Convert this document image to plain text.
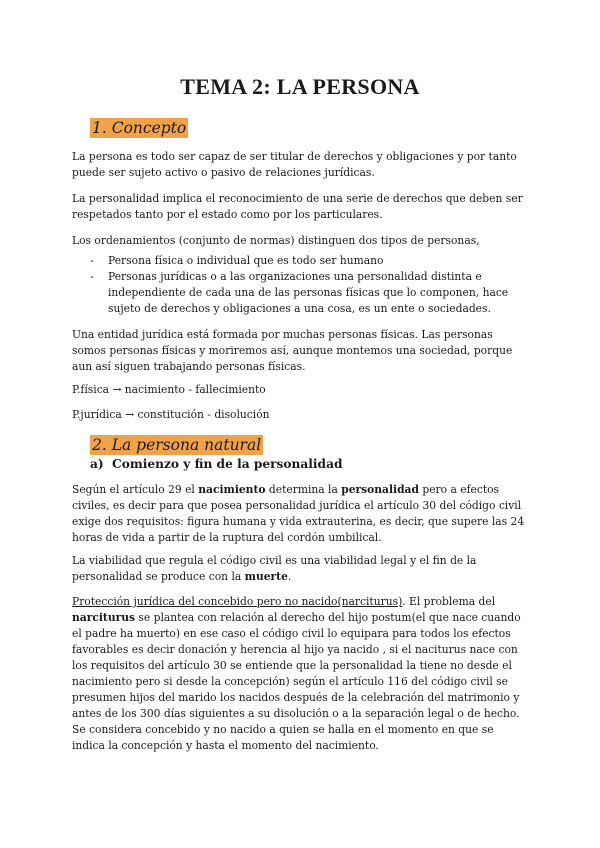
TEMA 2: LA PERSONA
1. Concepto

La persona es todo ser capaz de ser titular de derechos y obligaciones y por tanto puede ser sujeto activo o pasivo de relaciones jurídicas.

La personalidad implica el reconocimiento de una serie de derechos que deben ser respetados tanto por el estado como por los particulares.

Los ordenamientos (conjunto de normas) distinguen dos tipos de personas,

- Persona física o individual que es todo ser humano
- Personas jurídicas o a las organizaciones una personalidad distinta e independiente de cada una de las personas físicas que lo componen, hace sujeto de derechos y obligaciones a una cosa, es un ente o sociedades.

Una entidad jurídica está formada por muchas personas físicas. Las personas somos personas físicas y moriremos así, aunque montemos una sociedad, porque aun así siguen trabajando personas físicas.

P.física → nacimiento - fallecimiento

P.jurídica → constitución - disolución

2. La persona natural
a) Comienzo y fin de la personalidad

Según el artículo 29 el nacimiento determina la personalidad pero a efectos civiles, es decir para que posea personalidad jurídica el artículo 30 del código civil exige dos requisitos: figura humana y vida extrauterina, es decir, que supere las 24 horas de vida a partir de la ruptura del cordón umbilical.

La viabilidad que regula el código civil es una viabilidad legal y el fin de la personalidad se produce con la muerte.

Protección jurídica del concebido pero no nacido(narciturus). El problema del narciturus se plantea con relación al derecho del hijo postum(el que nace cuando el padre ha muerto) en ese caso el código civil lo equipara para todos los efectos favorables es decir donación y herencia al hijo ya nacido , si el naciturus nace con los requisitos del artículo 30 se entiende que la personalidad la tiene no desde el nacimiento pero si desde la concepción) según el artículo 116 del código civil se presumen hijos del marido los nacidos después de la celebración del matrimonio y antes de los 300 días siguientes a su disolución o a la separación legal o de hecho. Se considera concebido y no nacido a quien se halla en el momento en que se indica la concepción y hasta el momento del nacimiento.
